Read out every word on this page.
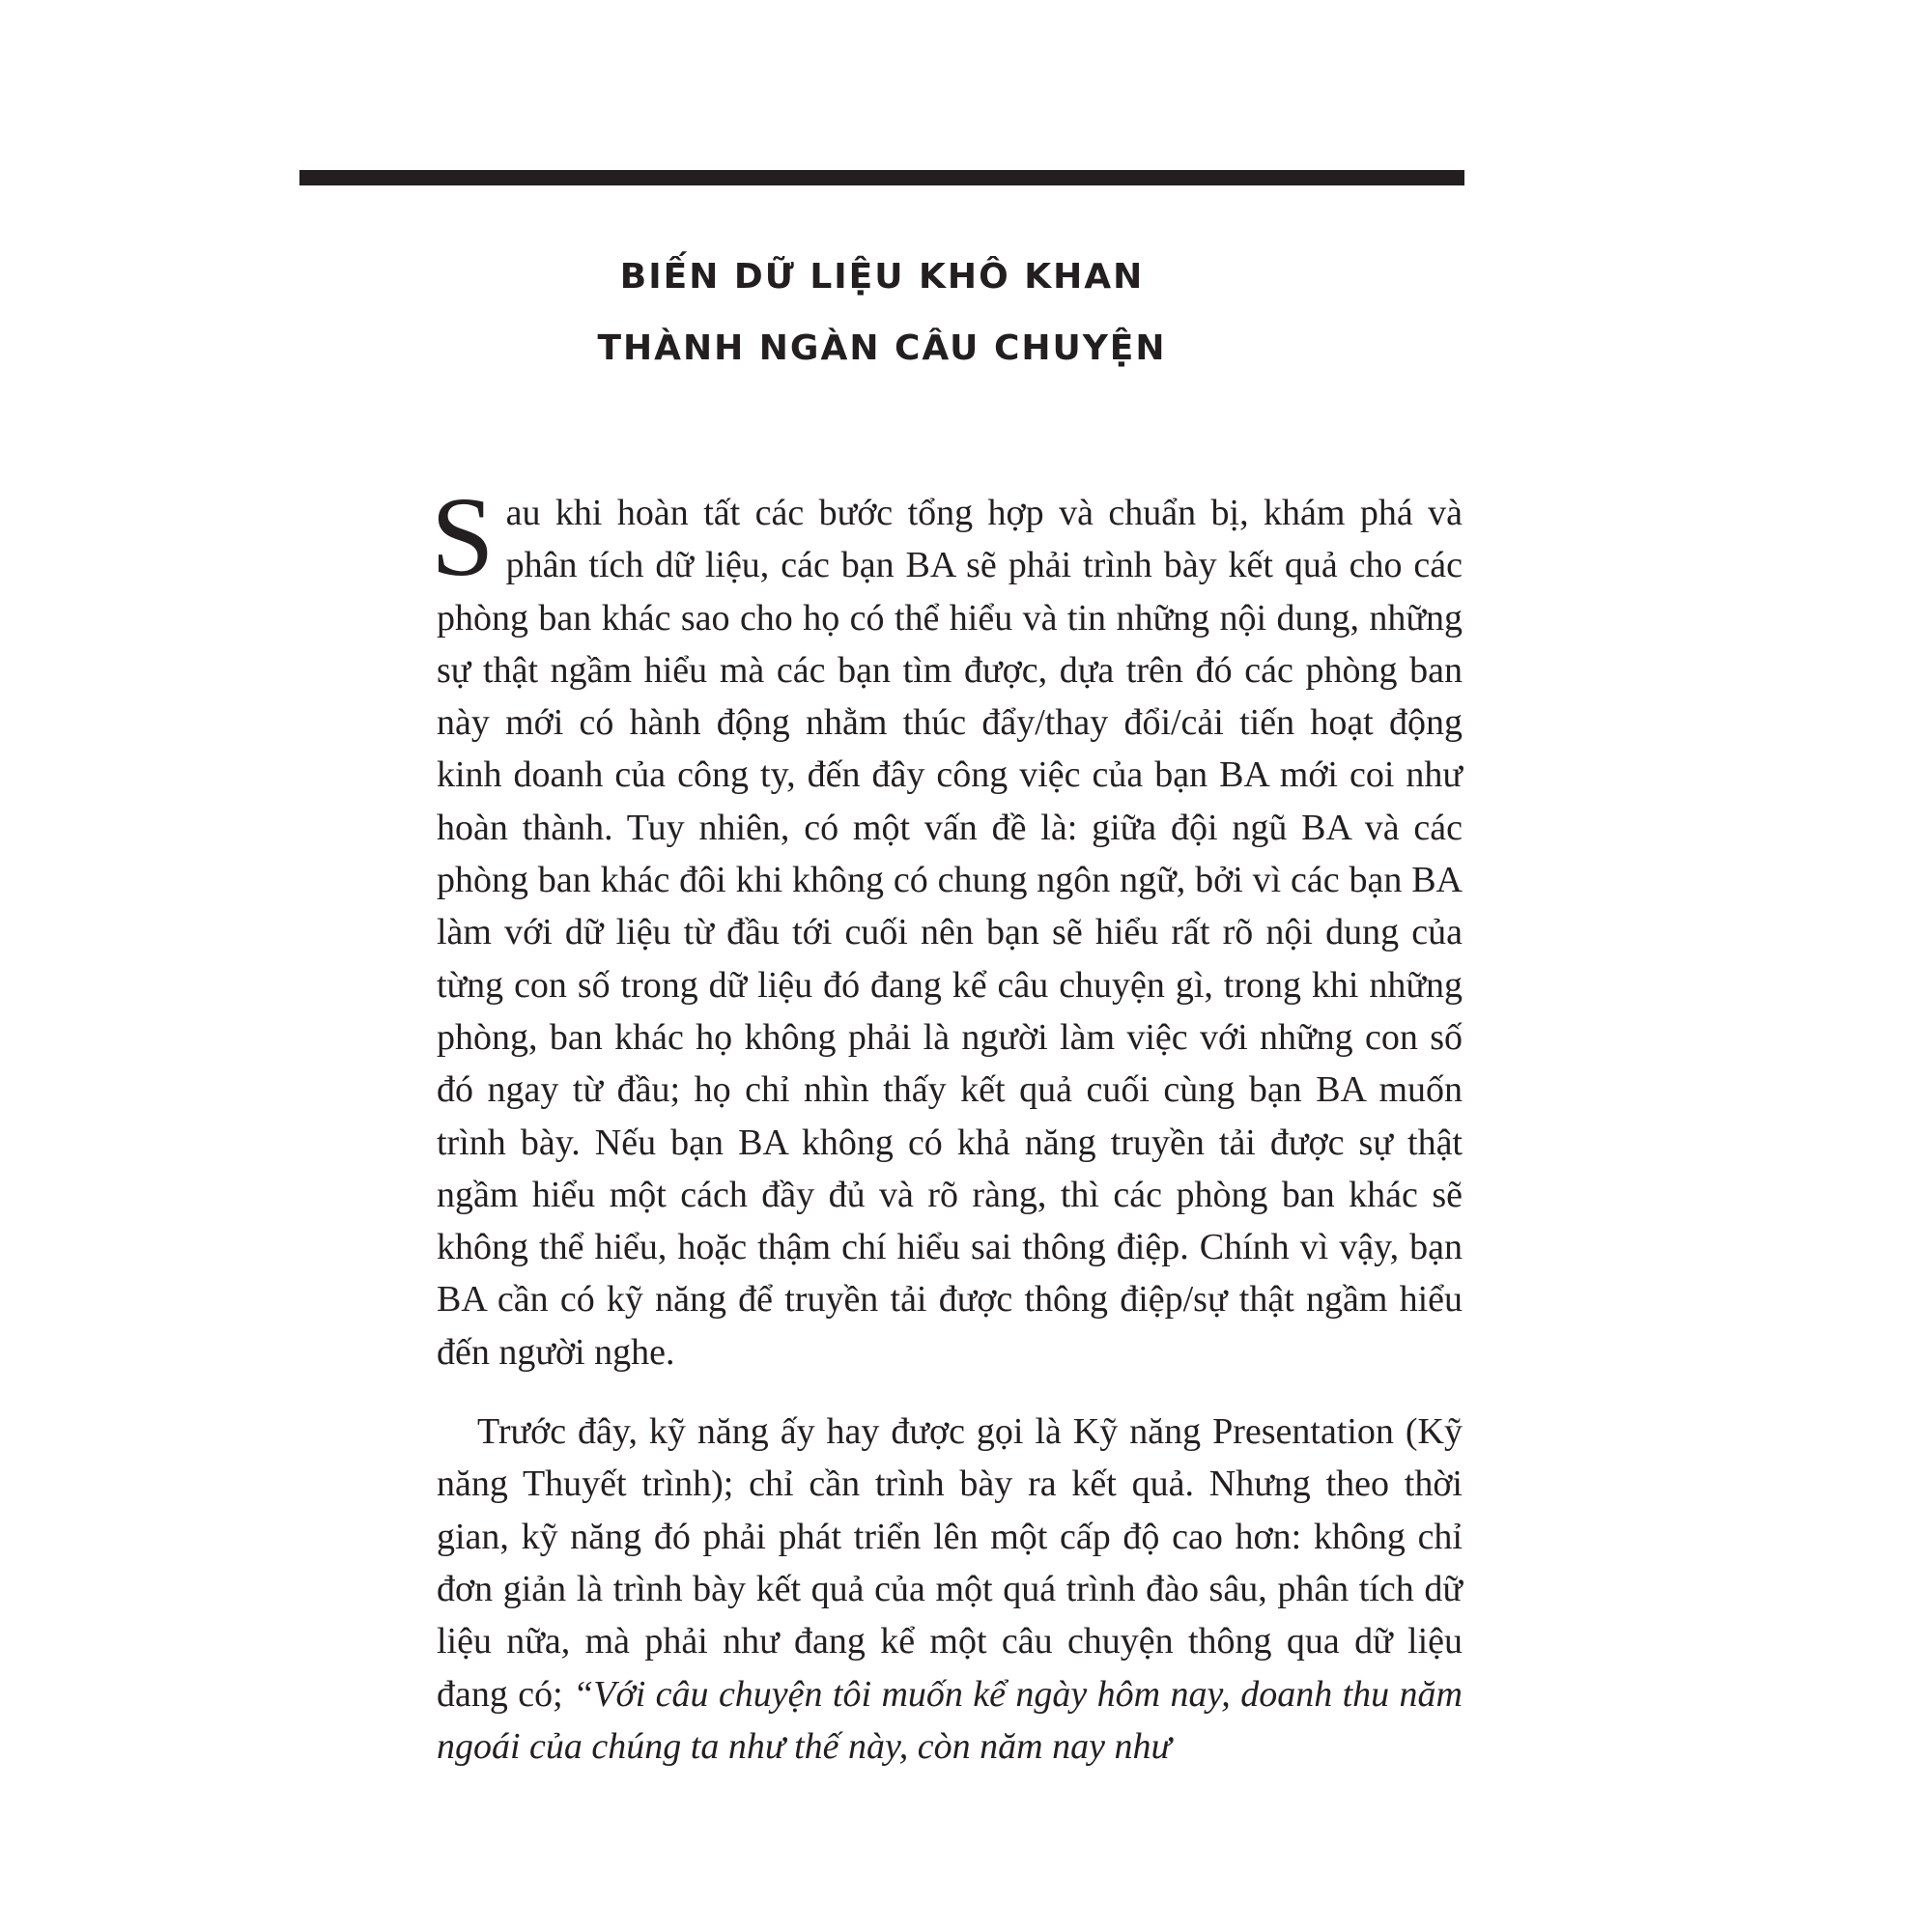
BIẾN DỮ LIỆU KHÔ KHAN
THÀNH NGÀN CÂU CHUYỆN

Sau khi hoàn tất các bước tổng hợp và chuẩn bị, khám phá và phân tích dữ liệu, các bạn BA sẽ phải trình bày kết quả cho các phòng ban khác sao cho họ có thể hiểu và tin những nội dung, những sự thật ngầm hiểu mà các bạn tìm được, dựa trên đó các phòng ban này mới có hành động nhằm thúc đẩy/thay đổi/cải tiến hoạt động kinh doanh của công ty, đến đây công việc của bạn BA mới coi như hoàn thành. Tuy nhiên, có một vấn đề là: giữa đội ngũ BA và các phòng ban khác đôi khi không có chung ngôn ngữ, bởi vì các bạn BA làm với dữ liệu từ đầu tới cuối nên bạn sẽ hiểu rất rõ nội dung của từng con số trong dữ liệu đó đang kể câu chuyện gì, trong khi những phòng, ban khác họ không phải là người làm việc với những con số đó ngay từ đầu; họ chỉ nhìn thấy kết quả cuối cùng bạn BA muốn trình bày. Nếu bạn BA không có khả năng truyền tải được sự thật ngầm hiểu một cách đầy đủ và rõ ràng, thì các phòng ban khác sẽ không thể hiểu, hoặc thậm chí hiểu sai thông điệp. Chính vì vậy, bạn BA cần có kỹ năng để truyền tải được thông điệp/sự thật ngầm hiểu đến người nghe.

Trước đây, kỹ năng ấy hay được gọi là Kỹ năng Presentation (Kỹ năng Thuyết trình); chỉ cần trình bày ra kết quả. Nhưng theo thời gian, kỹ năng đó phải phát triển lên một cấp độ cao hơn: không chỉ đơn giản là trình bày kết quả của một quá trình đào sâu, phân tích dữ liệu nữa, mà phải như đang kể một câu chuyện thông qua dữ liệu đang có; “Với câu chuyện tôi muốn kể ngày hôm nay, doanh thu năm ngoái của chúng ta như thế này, còn năm nay như
